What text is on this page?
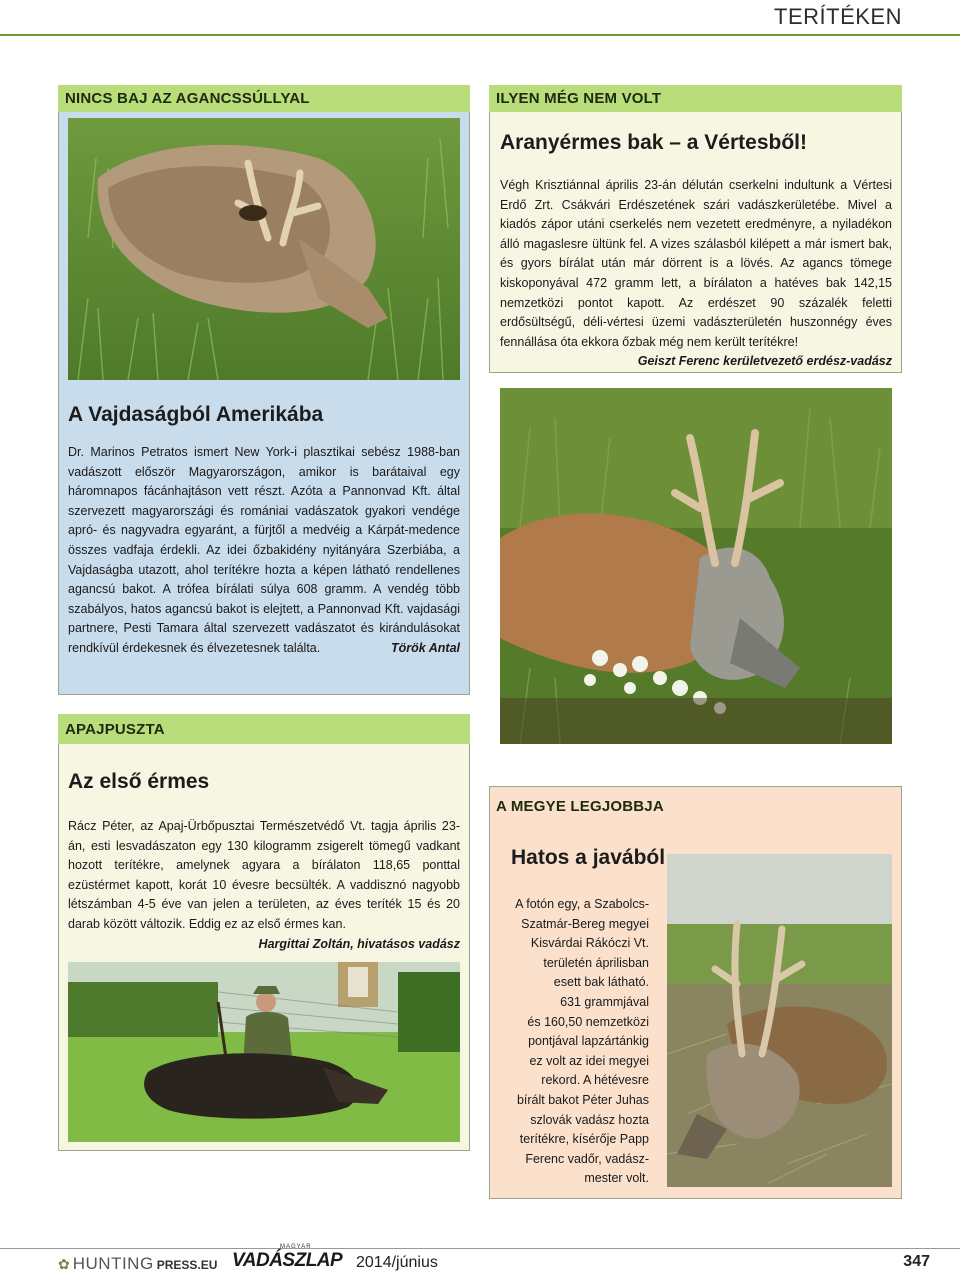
TERÍTÉKEN
NINCS BAJ AZ AGANCSSÚLLYAL
A Vajdaságból Amerikába
Dr. Marinos Petratos ismert New York-i plasztikai sebész 1988-ban vadászott először Magyarországon, amikor is barátaival egy háromnapos fácánhajtáson vett részt. Azóta a Pannonvad Kft. által szervezett magyarországi és romániai vadászatok gyakori vendége apró- és nagyvadra egyaránt, a fürjtől a medvéig a Kárpát-medence összes vadfaja érdekli. Az idei őzbakidény nyitányára Szerbiába, a Vajdaságba utazott, ahol terítékre hozta a képen látható rendellenes agancsú bakot. A trófea bírálati súlya 608 gramm. A vendég több szabályos, hatos agancsú bakot is elejtett, a Pannonvad Kft. vajdasági partnere, Pesti Tamara által szervezett vadászatot és kirándulásokat rendkívül érdekesnek és élvezetesnek találta.	Török Antal
ILYEN MÉG NEM VOLT
Aranyérmes bak – a Vértesből!
Végh Krisztiánnal április 23-án délután cserkelni indultunk a Vértesi Erdő Zrt. Csákvári Erdészetének szári vadászkerületébe. Mivel a kiadós zápor utáni cserkelés nem vezetett eredményre, a nyiladékon álló magaslesre ültünk fel. A vizes szálasból kilépett a már ismert bak, és gyors bírálat után már dörrent is a lövés. Az agancs tömege kiskoponyával 472 gramm lett, a bírálaton a hatéves bak 142,15 nemzetközi pontot kapott. Az erdészet 90 százalék feletti erdősültségű, déli-vértesi üzemi vadászterületén huszonnégy éves fennállása óta ekkora őzbak még nem került terítékre!
Geiszt Ferenc kerületvezető erdész-vadász
APAJPUSZTA
Az első érmes
Rácz Péter, az Apaj-Ürbőpusztai Természetvédő Vt. tagja április 23-án, esti lesvadászaton egy 130 kilogramm zsigerelt tömegű vadkant hozott terítékre, amelynek agyara a bírálaton 118,65 ponttal ezüstérmet kapott, korát 10 évesre becsülték. A vaddisznó nagyobb létszámban 4-5 éve van jelen a területen, az éves teríték 15 és 20 darab között változik. Eddig ez az első érmes kan.
Hargittai Zoltán, hivatásos vadász
A MEGYE LEGJOBBJA
Hatos a javából
A fotón egy, a Szabolcs-
Szatmár-Bereg megyei
Kisvárdai Rákóczi Vt.
területén áprilisban
esett bak látható.
631 grammjával
és 160,50 nemzetközi
pontjával lapzártánkig
ez volt az idei megyei
rekord. A hétévesre
bírált bakot Péter Juhas
szlovák vadász hozta
terítékre, kísérője Papp
Ferenc vadőr, vadász-
mester volt.
✿ HUNTING PRESS.EU
MAGYAR
VADÁSZLAP 2014/június	347
